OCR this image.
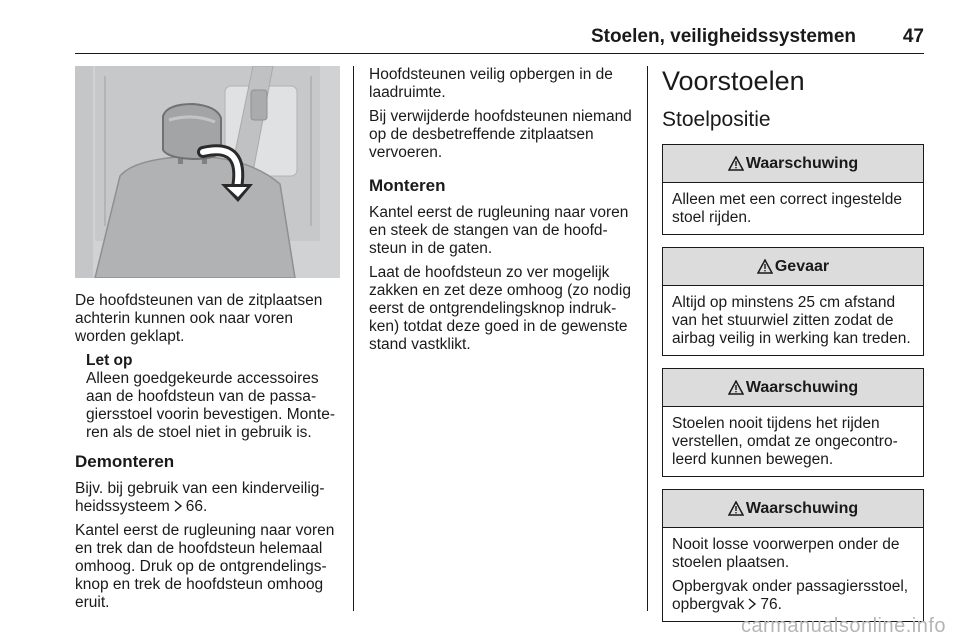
Stoelen, veiligheidssystemen 47

De hoofdsteunen van de zitplaatsen achterin kunnen ook naar voren worden geklapt.

Let op
Alleen goedgekeurde accessoires aan de hoofdsteun van de passagiersstoel voorin bevestigen. Monteren als de stoel niet in gebruik is.
Demonteren

Bijv. bij gebruik van een kinderveiligheidssysteem 66.

Kantel eerst de rugleuning naar voren en trek dan de hoofdsteun helemaal omhoog. Druk op de ontgrendelingsknop en trek de hoofdsteun omhoog eruit.

Hoofdsteunen veilig opbergen in de laadruimte.

Bij verwijderde hoofdsteunen niemand op de desbetreffende zitplaatsen vervoeren.

Monteren

Kantel eerst de rugleuning naar voren en steek de stangen van de hoofdsteun in de gaten.

Laat de hoofdsteun zo ver mogelijk zakken en zet deze omhoog (zo nodig eerst de ontgrendelingsknop indrukken) totdat deze goed in de gewenste stand vastklikt.

Voorstoelen
Stoelpositie
Waarschuwing

Alleen met een correct ingestelde stoel rijden.

Gevaar

Altijd op minstens 25 cm afstand van het stuurwiel zitten zodat de airbag veilig in werking kan treden.

Waarschuwing

Stoelen nooit tijdens het rijden verstellen, omdat ze ongecontroleerd kunnen bewegen.

Waarschuwing

Nooit losse voorwerpen onder de stoelen plaatsen.

Opbergvak onder passagiersstoel, opbergvak 76.

carmanualsonline.info
